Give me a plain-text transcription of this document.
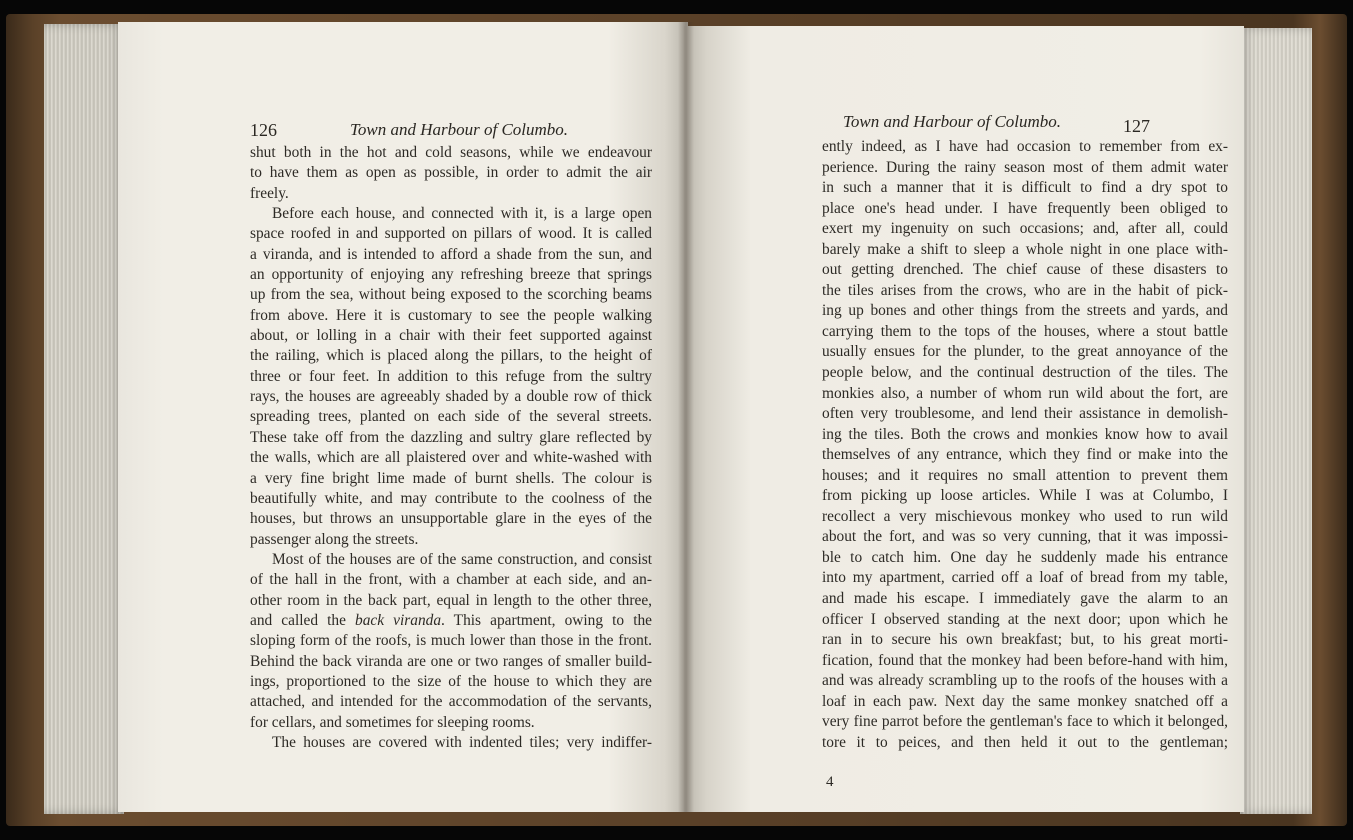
126	Town and Harbour of Columbo.	Town and Harbour of Columbo.	127
shut both in the hot and cold seasons, while we endeavour
to have them as open as possible, in order to admit the air
freely.
Before each house, and connected with it, is a large open
space roofed in and supported on pillars of wood. It is called
a viranda, and is intended to afford a shade from the sun, and
an opportunity of enjoying any refreshing breeze that springs
up from the sea, without being exposed to the scorching beams
from above. Here it is customary to see the people walking
about, or lolling in a chair with their feet supported against
the railing, which is placed along the pillars, to the height of
three or four feet. In addition to this refuge from the sultry
rays, the houses are agreeably shaded by a double row of thick
spreading trees, planted on each side of the several streets.
These take off from the dazzling and sultry glare reflected by
the walls, which are all plaistered over and white-washed with
a very fine bright lime made of burnt shells. The colour is
beautifully white, and may contribute to the coolness of the
houses, but throws an unsupportable glare in the eyes of the
passenger along the streets.
Most of the houses are of the same construction, and consist
of the hall in the front, with a chamber at each side, and an-
other room in the back part, equal in length to the other three,
and called the back viranda. This apartment, owing to the
sloping form of the roofs, is much lower than those in the front.
Behind the back viranda are one or two ranges of smaller build-
ings, proportioned to the size of the house to which they are
attached, and intended for the accommodation of the servants,
for cellars, and sometimes for sleeping rooms.
The houses are covered with indented tiles; very indiffer-
ently indeed, as I have had occasion to remember from ex-
perience. During the rainy season most of them admit water
in such a manner that it is difficult to find a dry spot to
place one's head under. I have frequently been obliged to
exert my ingenuity on such occasions; and, after all, could
barely make a shift to sleep a whole night in one place with-
out getting drenched. The chief cause of these disasters to
the tiles arises from the crows, who are in the habit of pick-
ing up bones and other things from the streets and yards, and
carrying them to the tops of the houses, where a stout battle
usually ensues for the plunder, to the great annoyance of the
people below, and the continual destruction of the tiles. The
monkies also, a number of whom run wild about the fort, are
often very troublesome, and lend their assistance in demolish-
ing the tiles. Both the crows and monkies know how to avail
themselves of any entrance, which they find or make into the
houses; and it requires no small attention to prevent them
from picking up loose articles. While I was at Columbo, I
recollect a very mischievous monkey who used to run wild
about the fort, and was so very cunning, that it was impossi-
ble to catch him. One day he suddenly made his entrance
into my apartment, carried off a loaf of bread from my table,
and made his escape. I immediately gave the alarm to an
officer I observed standing at the next door; upon which he
ran in to secure his own breakfast; but, to his great morti-
fication, found that the monkey had been before-hand with him,
and was already scrambling up to the roofs of the houses with a
loaf in each paw. Next day the same monkey snatched off a
very fine parrot before the gentleman's face to which it belonged,
tore it to peices, and then held it out to the gentleman;
4
